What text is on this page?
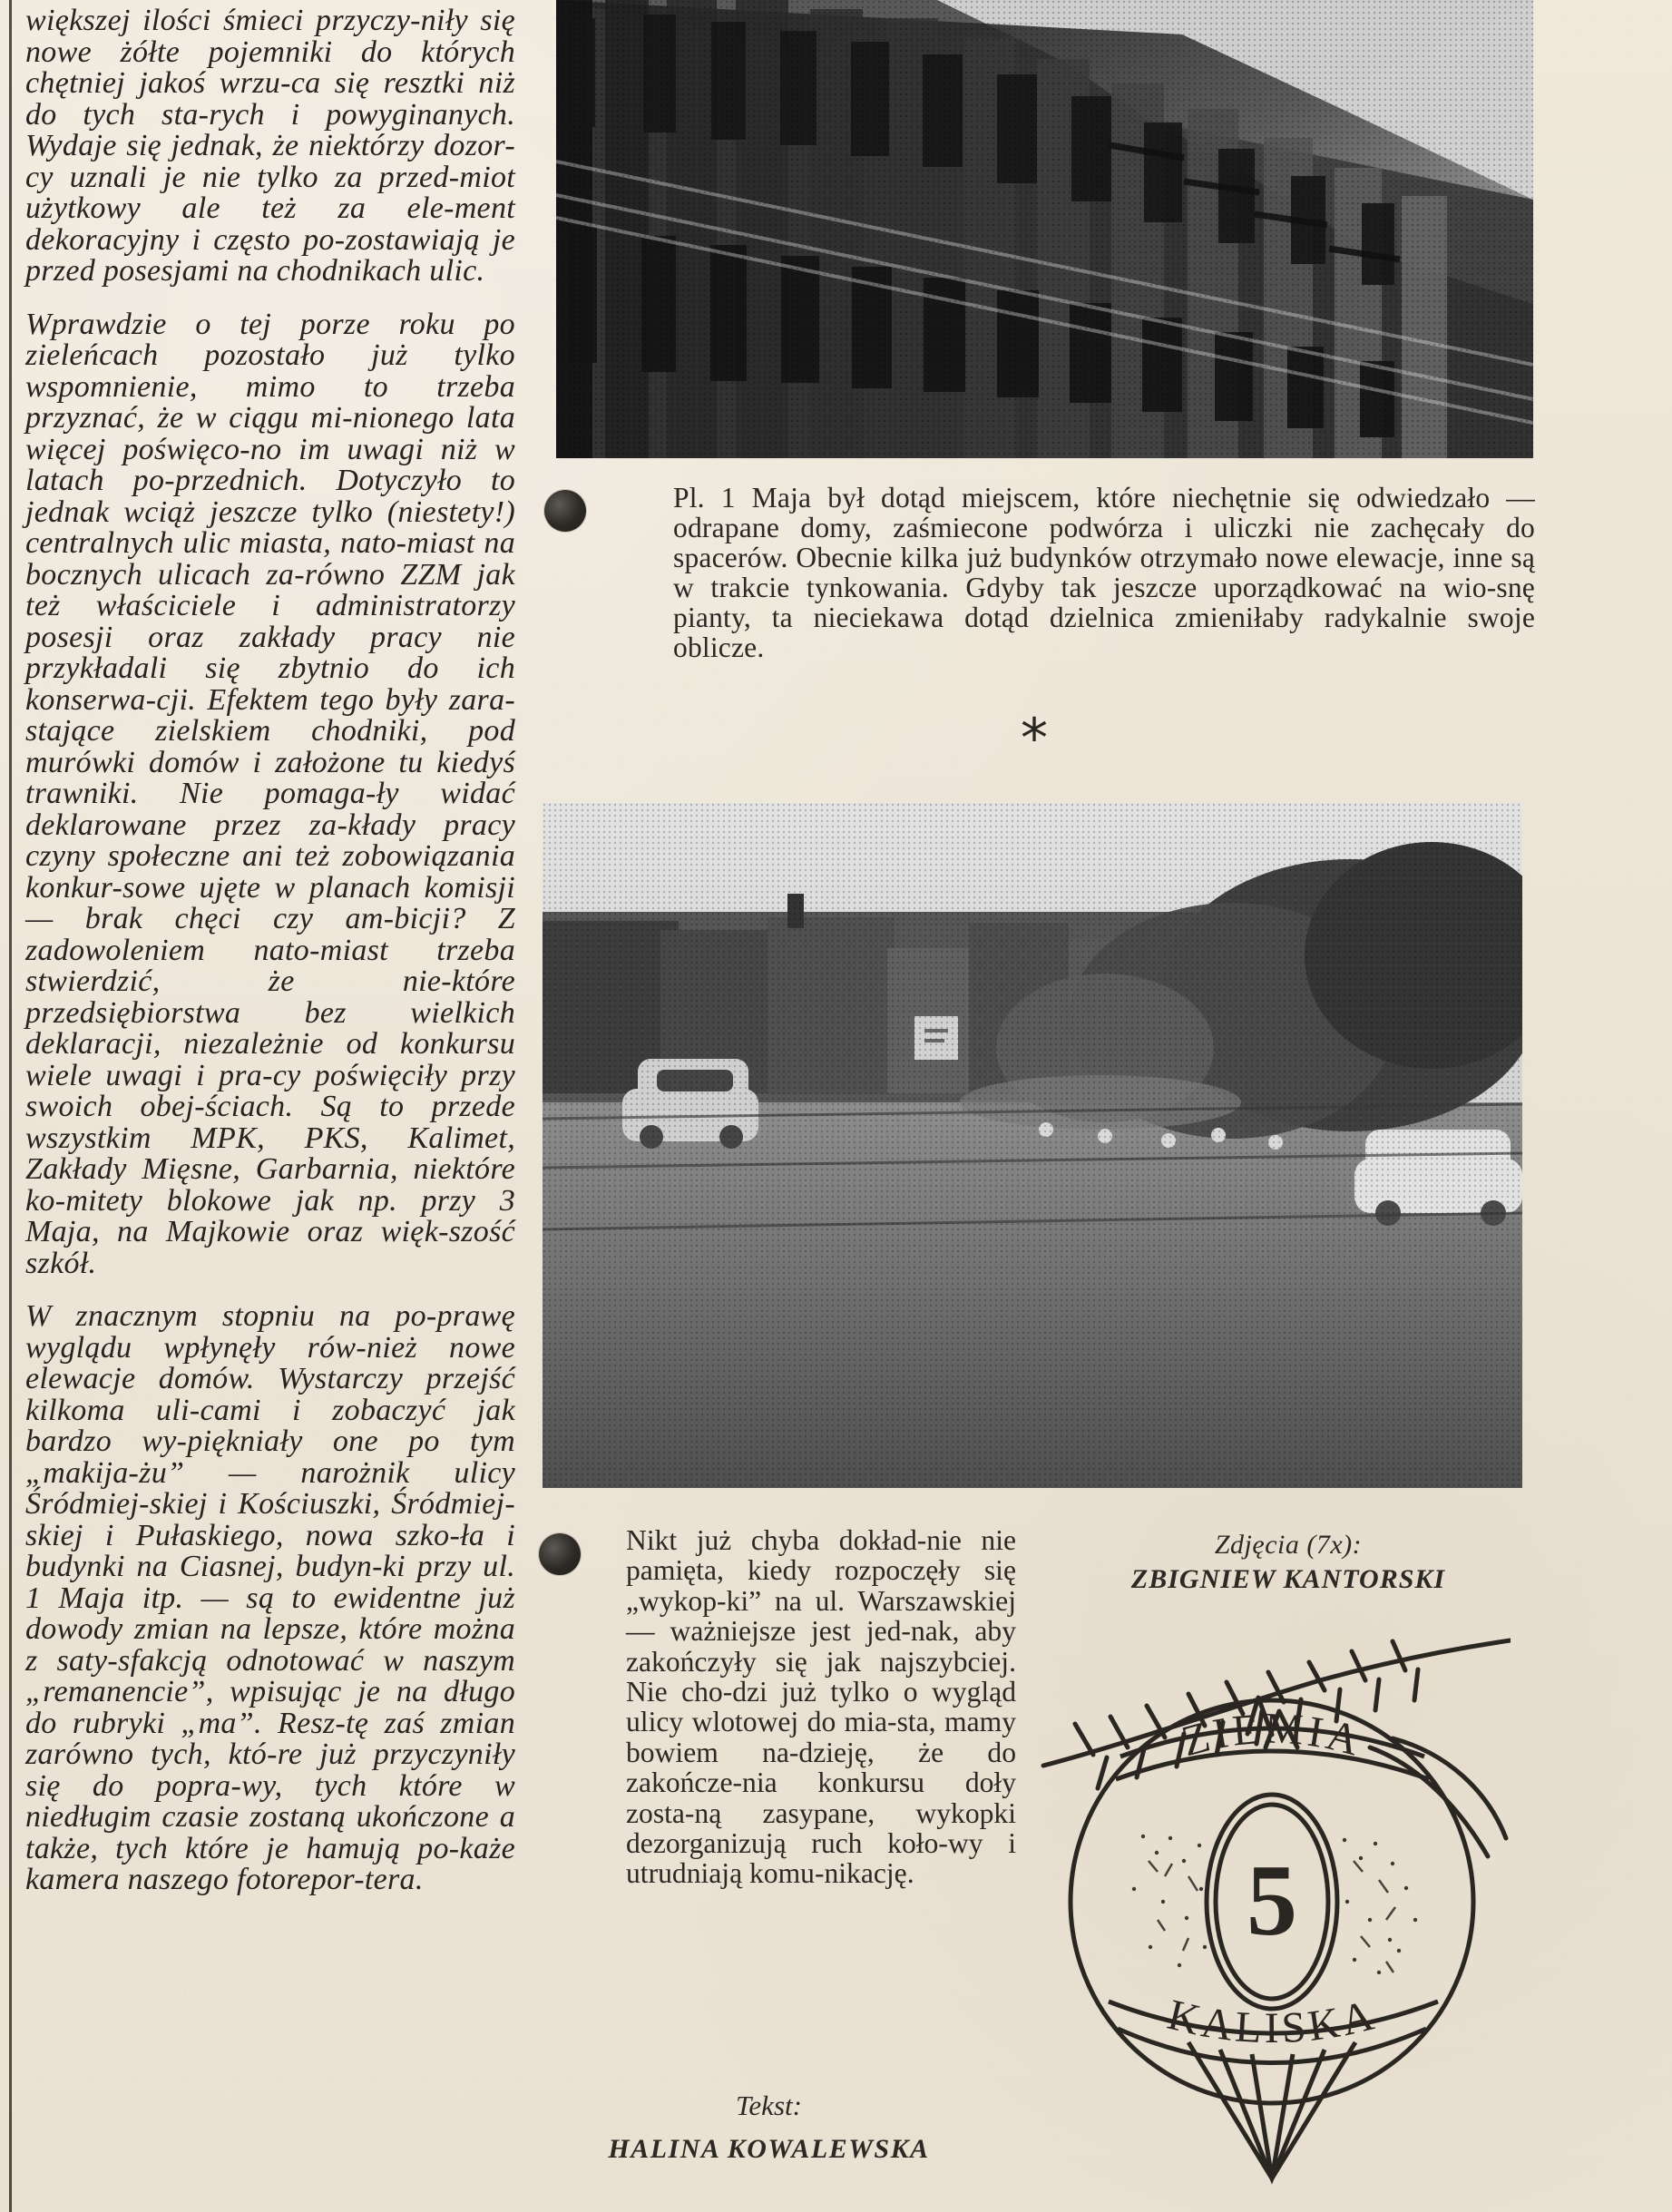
większej ilości śmieci przyczy-niły się nowe żółte pojemniki do których chętniej jakoś wrzu-ca się resztki niż do tych sta-rych i powyginanych. Wydaje się jednak, że niektórzy dozor-cy uznali je nie tylko za przed-miot użytkowy ale też za ele-ment dekoracyjny i często po-zostawiają je przed posesjami na chodnikach ulic.

Wprawdzie o tej porze roku po zieleńcach pozostało już tylko wspomnienie, mimo to trzeba przyznać, że w ciągu mi-nionego lata więcej poświęco-no im uwagi niż w latach po-przednich. Dotyczyło to jednak wciąż jeszcze tylko (niestety!) centralnych ulic miasta, nato-miast na bocznych ulicach za-równo ZZM jak też właściciele i administratorzy posesji oraz zakłady pracy nie przykładali się zbytnio do ich konserwa-cji. Efektem tego były zara-stające zielskiem chodniki, pod murówki domów i założone tu kiedyś trawniki. Nie pomaga-ły widać deklarowane przez za-kłady pracy czyny społeczne ani też zobowiązania konkur-sowe ujęte w planach komisji — brak chęci czy am-bicji? Z zadowoleniem nato-miast trzeba stwierdzić, że nie-które przedsiębiorstwa bez wielkich deklaracji, niezależnie od konkursu wiele uwagi i pra-cy poświęciły przy swoich obej-ściach. Są to przede wszystkim MPK, PKS, Kalimet, Zakłady Mięsne, Garbarnia, niektóre ko-mitety blokowe jak np. przy 3 Maja, na Majkowie oraz więk-szość szkół.

W znacznym stopniu na po-prawę wyglądu wpłynęły rów-nież nowe elewacje domów. Wystarczy przejść kilkoma uli-cami i zobaczyć jak bardzo wy-piękniały one po tym „makija-żu” — narożnik ulicy Śródmiej-skiej i Kościuszki, Śródmiej-skiej i Pułaskiego, nowa szko-ła i budynki na Ciasnej, budyn-ki przy ul. 1 Maja itp. — są to ewidentne już dowody zmian na lepsze, które można z saty-sfakcją odnotować w naszym „remanencie”, wpisując je na długo do rubryki „ma”. Resz-tę zaś zmian zarówno tych, któ-re już przyczyniły się do popra-wy, tych które w niedługim czasie zostaną ukończone a także, tych które je hamują po-każe kamera naszego fotorepor-tera.

Pl. 1 Maja był dotąd miejscem, które niechętnie się odwiedzało — odrapane domy, zaśmiecone podwórza i uliczki nie zachęcały do spacerów. Obecnie kilka już budynków otrzymało nowe elewacje, inne są w trakcie tynkowania. Gdyby tak jeszcze uporządkować na wio-snę pianty, ta nieciekawa dotąd dzielnica zmieniłaby radykalnie swoje oblicze.
*
Nikt już chyba dokład-nie nie pamięta, kiedy rozpoczęły się „wykop-ki” na ul. Warszawskiej — ważniejsze jest jed-nak, aby zakończyły się jak najszybciej. Nie cho-dzi już tylko o wygląd ulicy wlotowej do mia-sta, mamy bowiem na-dzieję, że do zakończe-nia konkursu doły zosta-ną zasypane, wykopki dezorganizują ruch koło-wy i utrudniają komu-nikację.
Zdjęcia (7x):
ZBIGNIEW KANTORSKI
ZIEMIA
5
KALISKA
Tekst:
HALINA KOWALEWSKA
